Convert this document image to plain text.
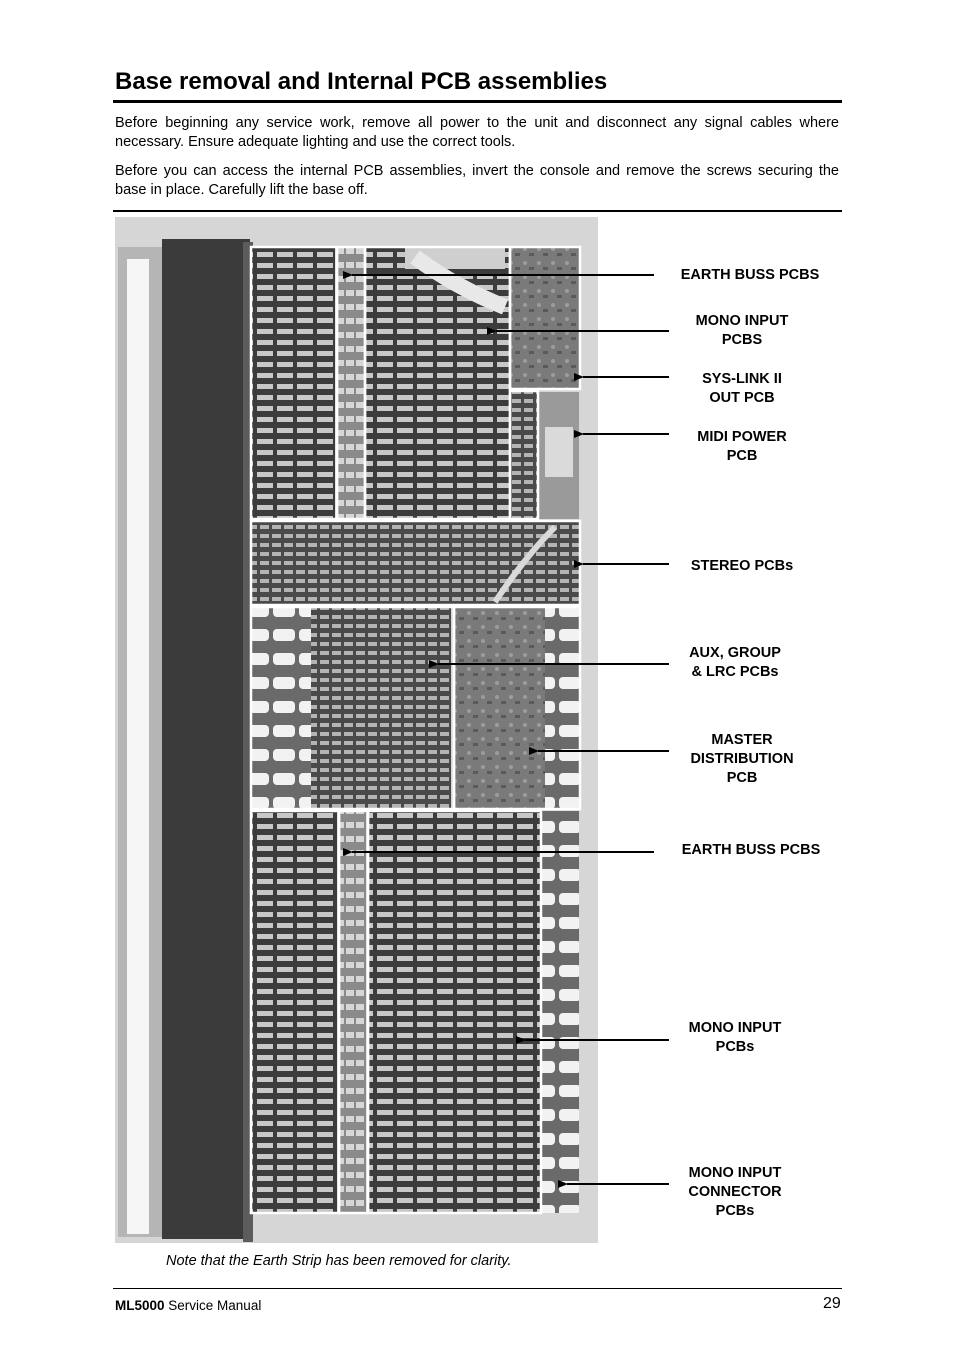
Base removal and Internal PCB assemblies

Before beginning any service work, remove all power to the unit and disconnect any signal cables where necessary. Ensure adequate lighting and use the correct tools.

Before you can access the internal PCB assemblies, invert the console and remove the screws securing the base in place. Carefully lift the base off.

EARTH BUSS PCBS
MONO INPUT
PCBS
SYS-LINK II
OUT PCB
MIDI POWER
PCB
STEREO PCBs
AUX, GROUP
& LRC PCBs
MASTER
DISTRIBUTION
PCB
EARTH BUSS PCBS
MONO INPUT
PCBs
MONO INPUT
CONNECTOR
PCBs
Note that the Earth Strip has been removed for clarity.
ML5000 Service Manual	29
